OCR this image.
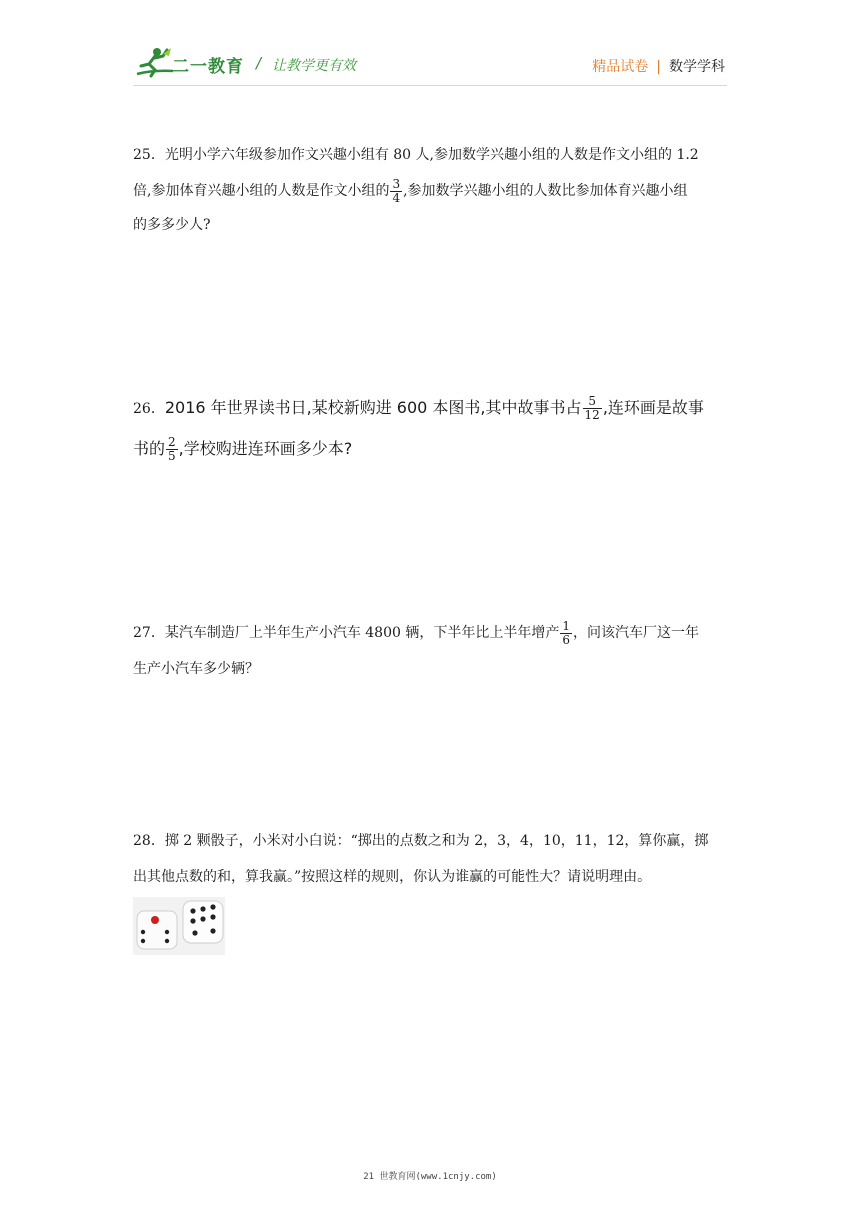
二一教育 / 让教学更有效	精品试卷 | 数学学科
25．光明小学六年级参加作文兴趣小组有 80 人,参加数学兴趣小组的人数是作文小组的 1.2
倍,参加体育兴趣小组的人数是作文小组的 $\frac{3}{4}$ ,参加数学兴趣小组的人数比参加体育兴趣小组
的多多少人?
26．2016 年世界读书日,某校新购进 600 本图书,其中故事书占 $\frac{5}{12}$ ,连环画是故事
书的 $\frac{2}{5}$ ,学校购进连环画多少本?
27．某汽车制造厂上半年生产小汽车 4800 辆，下半年比上半年增产 $\frac{1}{6}$ ，问该汽车厂这一年
生产小汽车多少辆？
28．掷 2 颗骰子，小米对小白说：“掷出的点数之和为 2，3，4，10，11，12，算你赢，掷
出其他点数的和，算我赢。”按照这样的规则，你认为谁赢的可能性大？请说明理由。
21 世教育网(www.1cnjy.com)
